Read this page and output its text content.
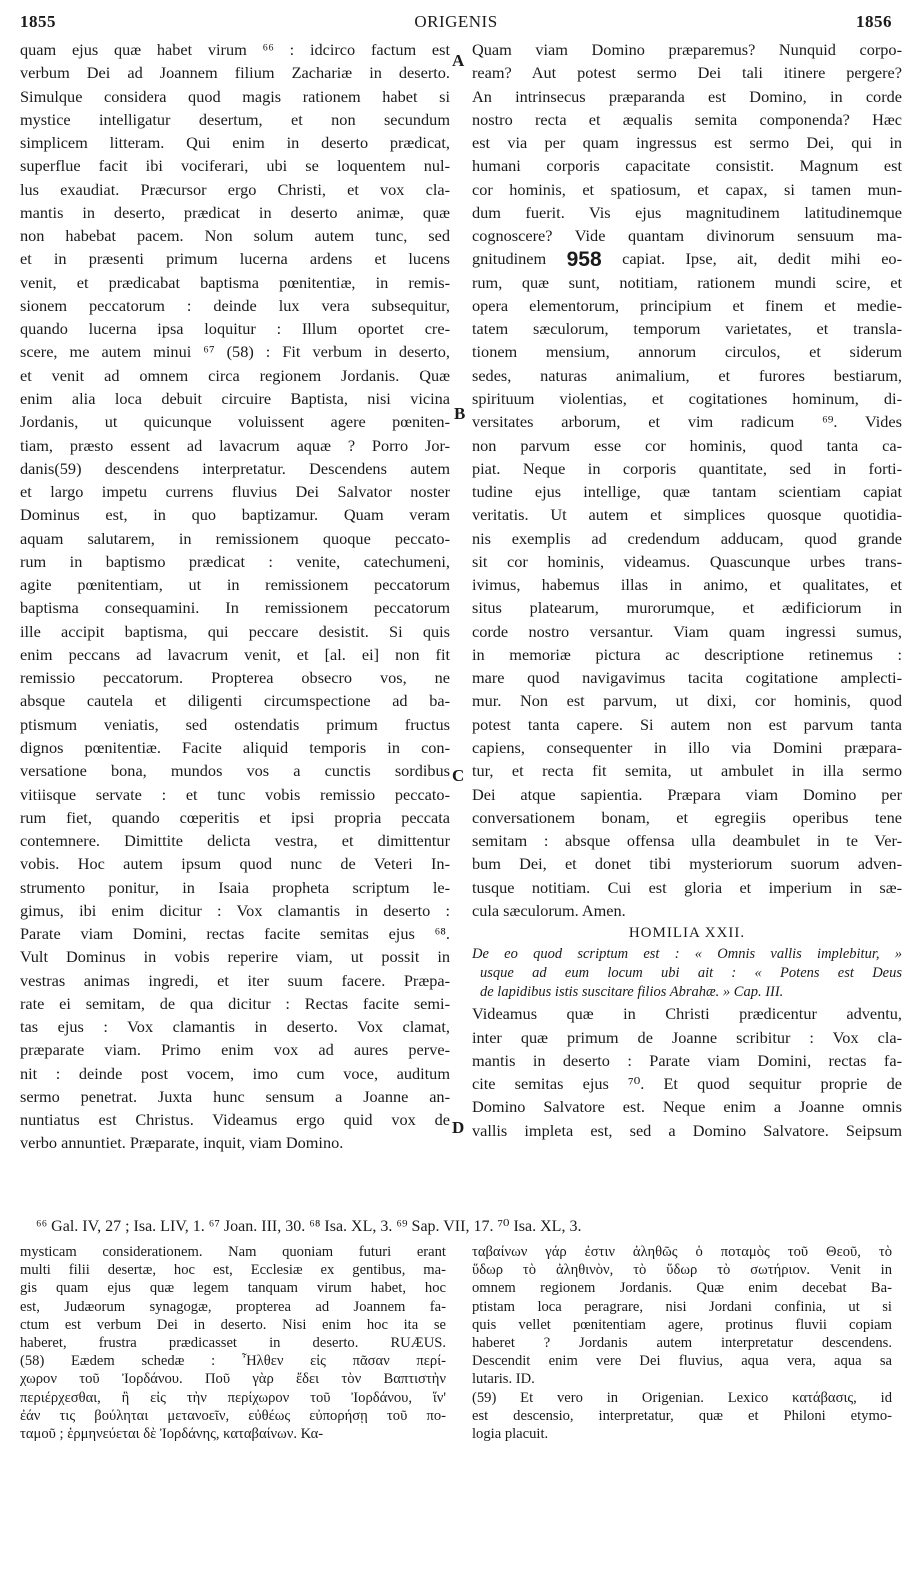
1855	ORIGENIS	1856
A
B
C
D
quam ejus quæ habet virum ⁶⁶ : idcirco factum est
verbum Dei ad Joannem filium Zachariæ in deserto.
Simulque considera quod magis rationem habet si
mystice intelligatur desertum, et non secundum
simplicem litteram. Qui enim in deserto prædicat,
superflue facit ibi vociferari, ubi se loquentem nul-
lus exaudiat. Præcursor ergo Christi, et vox cla-
mantis in deserto, prædicat in deserto animæ, quæ
non habebat pacem. Non solum autem tunc, sed
et in præsenti primum lucerna ardens et lucens
venit, et prædicabat baptisma pœnitentiæ, in remis-
sionem peccatorum : deinde lux vera subsequitur,
quando lucerna ipsa loquitur : Illum oportet cre-
scere, me autem minui ⁶⁷ (58) : Fit verbum in deserto,
et venit ad omnem circa regionem Jordanis. Quæ
enim alia loca debuit circuire Baptista, nisi vicina
Jordanis, ut quicunque voluissent agere pœniten-
tiam, præsto essent ad lavacrum aquæ ? Porro Jor-
danis(59) descendens interpretatur. Descendens autem
et largo impetu currens fluvius Dei Salvator noster
Dominus est, in quo baptizamur. Quam veram
aquam salutarem, in remissionem quoque peccato-
rum in baptismo prædicat : venite, catechumeni,
agite pœnitentiam, ut in remissionem peccatorum
baptisma consequamini. In remissionem peccatorum
ille accipit baptisma, qui peccare desistit. Si quis
enim peccans ad lavacrum venit, et [al. ei] non fit
remissio peccatorum. Propterea obsecro vos, ne
absque cautela et diligenti circumspectione ad ba-
ptismum veniatis, sed ostendatis primum fructus
dignos pœnitentiæ. Facite aliquid temporis in con-
versatione bona, mundos vos a cunctis sordibus
vitiisque servate : et tunc vobis remissio peccato-
rum fiet, quando cœperitis et ipsi propria peccata
contemnere. Dimittite delicta vestra, et dimittentur
vobis. Hoc autem ipsum quod nunc de Veteri In-
strumento ponitur, in Isaia propheta scriptum le-
gimus, ibi enim dicitur : Vox clamantis in deserto :
Parate viam Domini, rectas facite semitas ejus ⁶⁸.
Vult Dominus in vobis reperire viam, ut possit in
vestras animas ingredi, et iter suum facere. Præpa-
rate ei semitam, de qua dicitur : Rectas facite semi-
tas ejus : Vox clamantis in deserto. Vox clamat,
præparate viam. Primo enim vox ad aures perve-
nit : deinde post vocem, imo cum voce, auditum
sermo penetrat. Juxta hunc sensum a Joanne an-
nuntiatus est Christus. Videamus ergo quid vox de
verbo annuntiet. Præparate, inquit, viam Domino.
Quam viam Domino præparemus? Nunquid corpo-
ream? Aut potest sermo Dei tali itinere pergere?
An intrinsecus præparanda est Domino, in corde
nostro recta et æqualis semita componenda? Hæc
est via per quam ingressus est sermo Dei, qui in
humani corporis capacitate consistit. Magnum est
cor hominis, et spatiosum, et capax, si tamen mun-
dum fuerit. Vis ejus magnitudinem latitudinemque
cognoscere? Vide quantam divinorum sensuum ma-
gnitudinem 958 capiat. Ipse, ait, dedit mihi eo-
rum, quæ sunt, notitiam, rationem mundi scire, et
opera elementorum, principium et finem et medie-
tatem sæculorum, temporum varietates, et transla-
tionem mensium, annorum circulos, et siderum
sedes, naturas animalium, et furores bestiarum,
spirituum violentias, et cogitationes hominum, di-
versitates arborum, et vim radicum ⁶⁹. Vides
non parvum esse cor hominis, quod tanta ca-
piat. Neque in corporis quantitate, sed in forti-
tudine ejus intellige, quæ tantam scientiam capiat
veritatis. Ut autem et simplices quosque quotidia-
nis exemplis ad credendum adducam, quod grande
sit cor hominis, videamus. Quascunque urbes trans-
ivimus, habemus illas in animo, et qualitates, et
situs platearum, murorumque, et ædificiorum in
corde nostro versantur. Viam quam ingressi sumus,
in memoriæ pictura ac descriptione retinemus :
mare quod navigavimus tacita cogitatione amplecti-
mur. Non est parvum, ut dixi, cor hominis, quod
potest tanta capere. Si autem non est parvum tanta
capiens, consequenter in illo via Domini præpara-
tur, et recta fit semita, ut ambulet in illa sermo
Dei atque sapientia. Præpara viam Domino per
conversationem bonam, et egregiis operibus tene
semitam : absque offensa ulla deambulet in te Ver-
bum Dei, et donet tibi mysteriorum suorum adven-
tusque notitiam. Cui est gloria et imperium in sæ-
cula sæculorum. Amen.
HOMILIA XXII.
De eo quod scriptum est : « Omnis vallis implebitur, »
usque ad eum locum ubi ait : « Potens est Deus
de lapidibus istis suscitare filios Abrahæ. » Cap. III.
Videamus quæ in Christi prædicentur adventu,
inter quæ primum de Joanne scribitur : Vox cla-
mantis in deserto : Parate viam Domini, rectas fa-
cite semitas ejus ⁷⁰. Et quod sequitur proprie de
Domino Salvatore est. Neque enim a Joanne omnis
vallis impleta est, sed a Domino Salvatore. Seipsum
⁶⁶ Gal. IV, 27 ; Isa. LIV, 1. ⁶⁷ Joan. III, 30. ⁶⁸ Isa. XL, 3. ⁶⁹ Sap. VII, 17. ⁷⁰ Isa. XL, 3.
mysticam considerationem. Nam quoniam futuri erant
multi filii desertæ, hoc est, Ecclesiæ ex gentibus, ma-
gis quam ejus quæ legem tanquam virum habet, hoc
est, Judæorum synagogæ, propterea ad Joannem fa-
ctum est verbum Dei in deserto. Nisi enim hoc ita se
haberet, frustra prædicasset in deserto. RUÆUS.
(58) Eædem schedæ : Ἦλθεν εἰς πᾶσαν περί-
χωρον τοῦ Ἰορδάνου. Ποῦ γὰρ ἔδει τὸν Βαπτιστὴν
περιέρχεσθαι, ἢ εἰς τὴν περίχωρον τοῦ Ἰορδάνου, ἵν'
ἐάν τις βούληται μετανοεῖν, εὐθέως εὐπορήσῃ τοῦ πο-
ταμοῦ ; ἑρμηνεύεται δὲ Ἰορδάνης, καταβαίνων. Κα-
ταβαίνων γάρ ἐστιν ἀληθῶς ὁ ποταμὸς τοῦ Θεοῦ, τὸ
ὕδωρ τὸ ἀληθινὸν, τὸ ὕδωρ τὸ σωτήριον. Venit in
omnem regionem Jordanis. Quæ enim decebat Ba-
ptistam loca peragrare, nisi Jordani confinia, ut si
quis vellet pœnitentiam agere, protinus fluvii copiam
haberet ? Jordanis autem interpretatur descendens.
Descendit enim vere Dei fluvius, aqua vera, aqua sa
lutaris. ID.
(59) Et vero in Origenian. Lexico κατάβασις, id
est descensio, interpretatur, quæ et Philoni etymo-
logia placuit.
